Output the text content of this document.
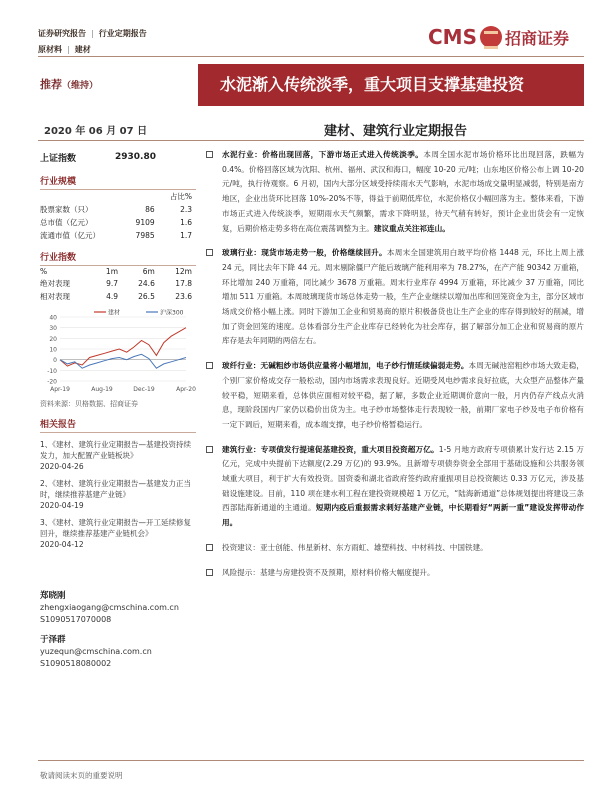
证券研究报告 | 行业定期报告
原材料 | 建材
CMS 招商证券
推荐（维持）	水泥渐入传统淡季，重大项目支撑基建投资
2020 年 06 月 07 日	建材、建筑行业定期报告
上证指数	2930.80
行业规模
		占比%
股票家数（只）	86	2.3
总市值（亿元）	9109	1.6
流通市值（亿元）	7985	1.7
行业指数
%	1m	6m	12m
绝对表现	9.7	24.6	17.8
相对表现	4.9	26.5	23.6
40
30
20
10
0
-10
-20
Apr-19	Aug-19	Dec-19	Apr-20
建材	沪深300
资料来源：贝格数据、招商证券
相关报告
1、《建材、建筑行业定期报告—基建投资持续发力，加大配置产业链板块》
2020-04-26
2、《建材、建筑行业定期报告—基建发力正当时，继续推荐基建产业链》
2020-04-19
3、《建材、建筑行业定期报告—开工延续修复回升，继续推荐基建产业链机会》
2020-04-12
郑晓刚
zhengxiaogang@cmschina.com.cn
S1090517070008
于泽群
yuzequn@cmschina.com.cn
S1090518080002
水泥行业：价格出现回落，下游市场正式进入传统淡季。本周全国水泥市场价格环比出现回落，跌幅为 0.4%。价格回落区域为沈阳、杭州、福州、武汉和海口，幅度 10-20 元/吨；山东地区价格公布上调 10-20 元/吨，执行待观察。6 月初，国内大部分区域受持续雨水天气影响，水泥市场成交量明显减弱，特别是南方地区，企业出货环比回落 10%-20%不等，得益于前期低库位，水泥价格仅小幅回落为主。整体来看，下游市场正式进入传统淡季，短期雨水天气频繁，需求下降明显，待天气稍有转好，预计企业出货会有一定恢复，后期价格走势多将在高位震荡调整为主。建议重点关注祁连山。
玻璃行业：现货市场走势一般，价格继续回升。本周末全国建筑用白玻平均价格 1448 元，环比上周上涨 24 元，同比去年下降 44 元。周末剔除僵尸产能后玻璃产能利用率为 78.27%，在产产能 90342 万重箱，环比增加 240 万重箱，同比减少 3678 万重箱。周末行业库存 4994 万重箱，环比减少 37 万重箱，同比增加 511 万重箱。本周玻璃现货市场总体走势一般，生产企业继续以增加出库和回笼资金为主，部分区域市场成交价格小幅上涨。同时下游加工企业和贸易商的原片积极备货也让生产企业的库存得到较好的削减，增加了资金回笼的速度。总体看部分生产企业库存已经转化为社会库存，据了解部分加工企业和贸易商的原片库存是去年同期的两倍左右。
玻纤行业：无碱粗纱市场供应量将小幅增加，电子纱行情延续偏弱走势。本周无碱池窑粗纱市场大致走稳，个别厂家价格成交存一般松动，国内市场需求表现良好。近期受风电纱需求良好拉底，大众型产品整体产量较平稳，短期来看，总体供应面相对较平稳，据了解，多数企业近期调价意向一般，月内仍存产线点火消息，现阶段国内厂家仍以稳价出货为主。电子纱市场整体走行表现较一般，前期厂家电子纱及电子布价格有一定下调后，短期来看，成本端支撑，电子纱价格暂稳运行。
建筑行业：专项债发行提速促基建投资，重大项目投资超万亿。1-5 月地方政府专项债累计发行达 2.15 万亿元，完成中央提前下达额度(2.29 万亿)的 93.9%。且新增专项债券资金全部用于基础设施和公共服务领域重大项目，利于扩大有效投资。国资委和湖北省政府签约政府重振项目总投资额达 0.33 万亿元，涉及基础设施建设。目前，110 项在建水利工程在建投资规模超 1 万亿元，“陆海新通道”总体规划提出将建设三条西部陆海新通道的主通道。短期内疫后重振需求刺好基建产业链，中长期看好“两新一重”建设发挥带动作用。
投资建议：亚士创能、伟星新材、东方雨虹、雄塑科技、中材科技、中国铁建。
风险提示：基建与房建投资不及预期，原材料价格大幅度提升。
敬请阅读末页的重要说明
